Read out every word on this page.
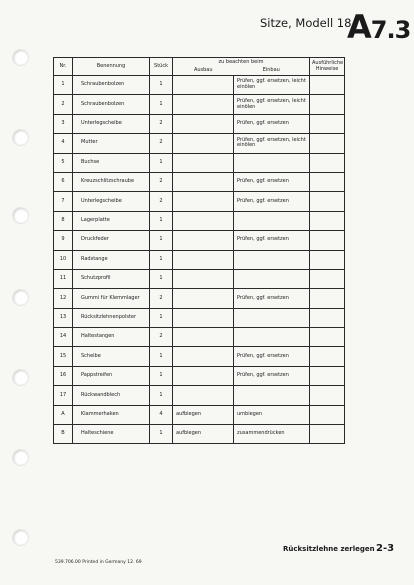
Sitze, Modell 18
A7.3
Nr.	Benennung	Stück	zu beachten beim		Ausführliche
Hinweise
			Ausbau	Einbau	
1	Schraubenbolzen	1		Prüfen, ggf. ersetzen, leicht einölen	
2	Schraubenbolzen	1		Prüfen, ggf. ersetzen, leicht einölen	
3	Unterlegscheibe	2		Prüfen, ggf. ersetzen	
4	Mutter	2		Prüfen, ggf. ersetzen, leicht einölen	
5	Buchse	1			
6	Kreuzschlitzschraube	2		Prüfen, ggf. ersetzen	
7	Unterlegscheibe	2		Prüfen, ggf. ersetzen	
8	Lagerplatte	1			
9	Druckfeder	1		Prüfen, ggf. ersetzen	
10	Radstange	1			
11	Schutzprofil	1			
12	Gummi für Klemmlager	2		Prüfen, ggf. ersetzen	
13	Rücksitzlehnenpolster	1			
14	Haltestangen	2			
15	Scheibe	1		Prüfen, ggf. ersetzen	
16	Pappstreifen	1		Prüfen, ggf. ersetzen	
17	Rückwandblech	1			
A	Klammerhaken	4	aufbiegen	umbiegen	
B	Halteschiene	1	aufbiegen	zusammendrücken	
539.706.00 Printed in Germany 12. 69
Rücksitzlehne zerlegen 2-3
